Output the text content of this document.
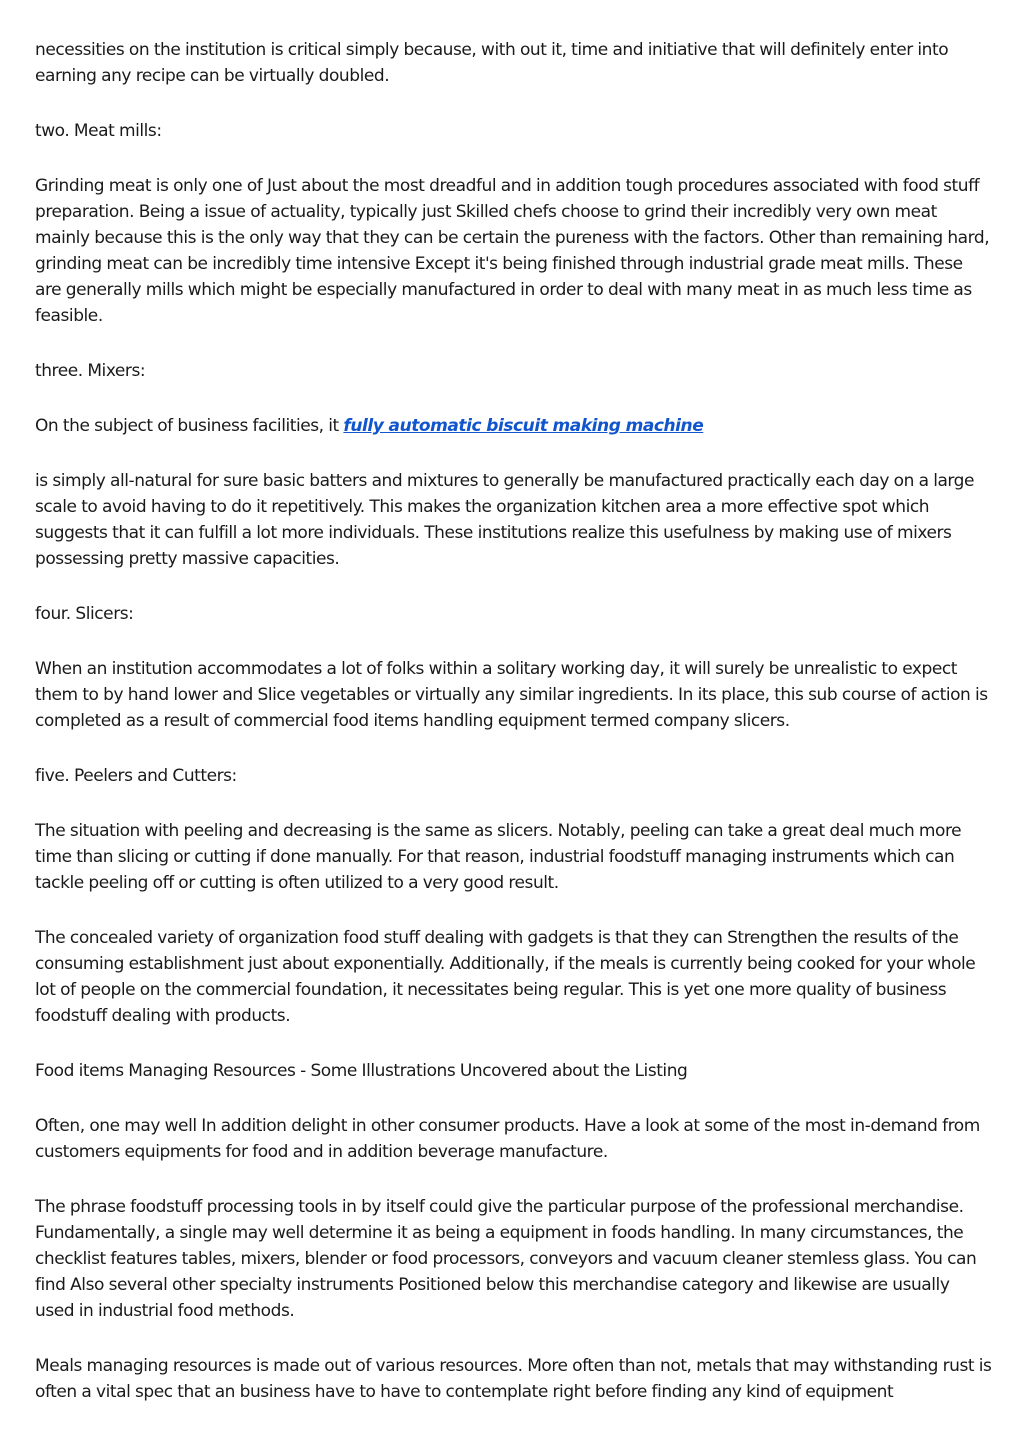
necessities on the institution is critical simply because, with out it, time and initiative that will definitely enter into earning any recipe can be virtually doubled.

two. Meat mills:

Grinding meat is only one of Just about the most dreadful and in addition tough procedures associated with food stuff preparation. Being a issue of actuality, typically just Skilled chefs choose to grind their incredibly very own meat mainly because this is the only way that they can be certain the pureness with the factors. Other than remaining hard, grinding meat can be incredibly time intensive Except it's being finished through industrial grade meat mills. These are generally mills which might be especially manufactured in order to deal with many meat in as much less time as feasible.

three. Mixers:

On the subject of business facilities, it fully automatic biscuit making machine

is simply all-natural for sure basic batters and mixtures to generally be manufactured practically each day on a large scale to avoid having to do it repetitively. This makes the organization kitchen area a more effective spot which suggests that it can fulfill a lot more individuals. These institutions realize this usefulness by making use of mixers possessing pretty massive capacities.

four. Slicers:

When an institution accommodates a lot of folks within a solitary working day, it will surely be unrealistic to expect them to by hand lower and Slice vegetables or virtually any similar ingredients. In its place, this sub course of action is completed as a result of commercial food items handling equipment termed company slicers.

five. Peelers and Cutters:

The situation with peeling and decreasing is the same as slicers. Notably, peeling can take a great deal much more time than slicing or cutting if done manually. For that reason, industrial foodstuff managing instruments which can tackle peeling off or cutting is often utilized to a very good result.

The concealed variety of organization food stuff dealing with gadgets is that they can Strengthen the results of the consuming establishment just about exponentially. Additionally, if the meals is currently being cooked for your whole lot of people on the commercial foundation, it necessitates being regular. This is yet one more quality of business foodstuff dealing with products.

Food items Managing Resources - Some Illustrations Uncovered about the Listing

Often, one may well In addition delight in other consumer products. Have a look at some of the most in-demand from customers equipments for food and in addition beverage manufacture.

The phrase foodstuff processing tools in by itself could give the particular purpose of the professional merchandise. Fundamentally, a single may well determine it as being a equipment in foods handling. In many circumstances, the checklist features tables, mixers, blender or food processors, conveyors and vacuum cleaner stemless glass. You can find Also several other specialty instruments Positioned below this merchandise category and likewise are usually used in industrial food methods.

Meals managing resources is made out of various resources. More often than not, metals that may withstanding rust is often a vital spec that an business have to have to contemplate right before finding any kind of equipment
